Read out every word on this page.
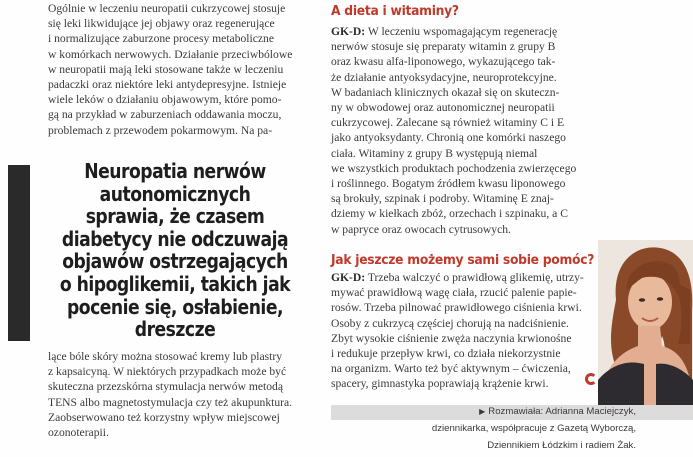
Ogólnie w leczeniu neuropatii cukrzycowej stosuje
się leki likwidujące jej objawy oraz regenerujące
i normalizujące zaburzone procesy metaboliczne
w komórkach nerwowych. Działanie przeciwbólowe
w neuropatii mają leki stosowane także w leczeniu
padaczki oraz niektóre leki antydepresyjne. Istnieje
wiele leków o działaniu objawowym, które pomo-
gą na przykład w zaburzeniach oddawania moczu,
problemach z przewodem pokarmowym. Na pa-

Neuropatia nerwów
autonomicznych
sprawia, że czasem
diabetycy nie odczuwają
objawów ostrzegających
o hipoglikemii, takich jak
pocenie się, osłabienie,
dreszcze

lące bóle skóry można stosować kremy lub plastry
z kapsaicyną. W niektórych przypadkach może być
skuteczna przezskórna stymulacja nerwów metodą
TENS albo magnetostymulacja czy też akupunktura.
Zaobserwowano też korzystny wpływ miejscowej
ozonoterapii.

A dieta i witaminy?

GK-D: W leczeniu wspomagającym regenerację
nerwów stosuje się preparaty witamin z grupy B
oraz kwasu alfa-liponowego, wykazującego tak-
że działanie antyoksydacyjne, neuroprotekcyjne.
W badaniach klinicznych okazał się on skuteczn-
ny w obwodowej oraz autonomicznej neuropatii
cukrzycowej. Zalecane są również witaminy C i E
jako antyoksydanty. Chronią one komórki naszego
ciała. Witaminy z grupy B występują niemal
we wszystkich produktach pochodzenia zwierzęcego
i roślinnego. Bogatym źródłem kwasu liponowego
są brokuły, szpinak i podroby. Witaminę E znaj-
dziemy w kiełkach zbóż, orzechach i szpinaku, a C
w papryce oraz owocach cytrusowych.

Jak jeszcze możemy sami sobie pomóc?

GK-D: Trzeba walczyć o prawidłową glikemię, utrzy-
mywać prawidłową wagę ciała, rzucić palenie papie-
rosów. Trzeba pilnować prawidłowego ciśnienia krwi.
Osoby z cukrzycą częściej chorują na nadciśnienie.
Zbyt wysokie ciśnienie zwęża naczynia krwionośne
i redukuje przepływ krwi, co działa niekorzystnie
na organizm. Warto też być aktywnym – ćwiczenia,
spacery, gimnastyka poprawiają krążenie krwi.

▶ Rozmawiała: Adrianna Maciejczyk,

dziennikarka, współpracuje z Gazetą Wyborczą,

Dziennikiem Łódzkim i radiem Żak.
